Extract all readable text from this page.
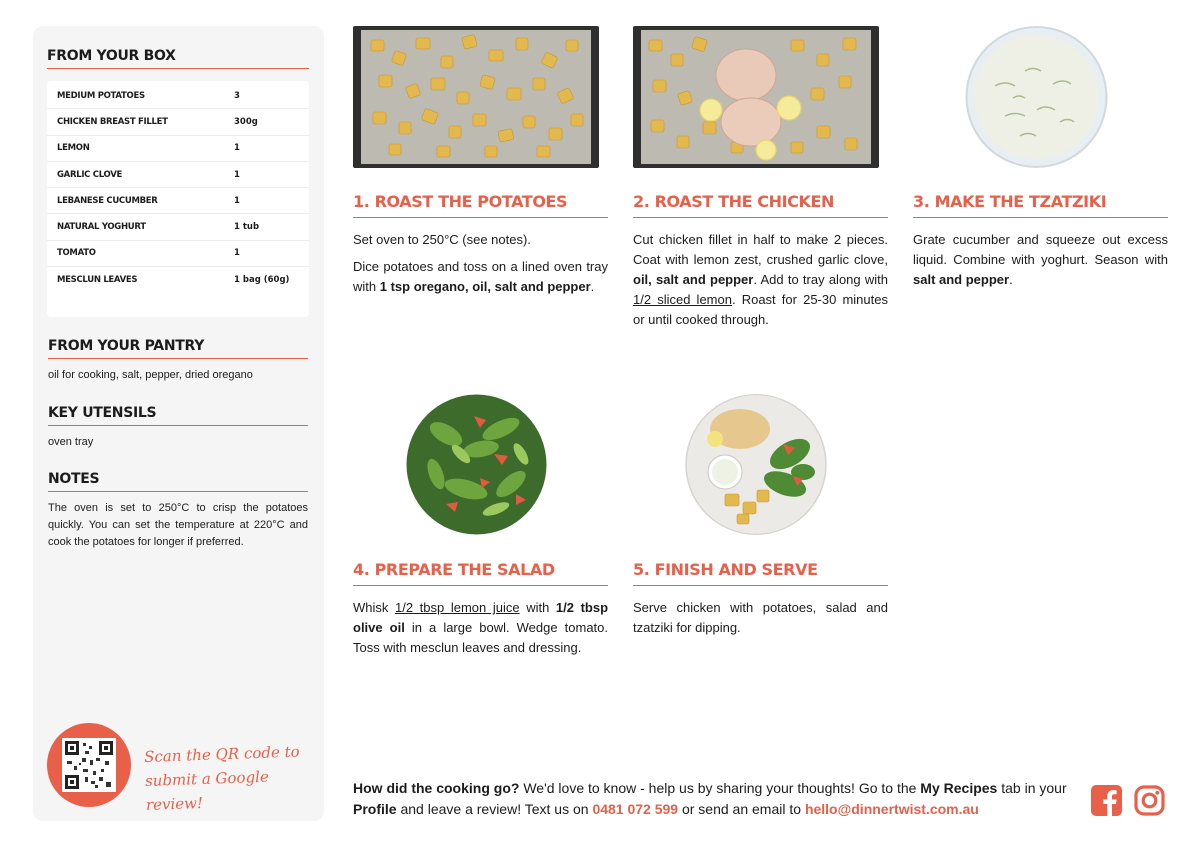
FROM YOUR BOX
MEDIUM POTATOES	3
CHICKEN BREAST FILLET	300g
LEMON	1
GARLIC CLOVE	1
LEBANESE CUCUMBER	1
NATURAL YOGHURT	1 tub
TOMATO	1
MESCLUN LEAVES	1 bag (60g)
FROM YOUR PANTRY
oil for cooking, salt, pepper, dried oregano
KEY UTENSILS
oven tray
NOTES
The oven is set to 250°C to crisp the potatoes quickly. You can set the temperature at 220°C and cook the potatoes for longer if preferred.
Scan the QR code to
submit a Google review!
1. ROAST THE POTATOES

Set oven to 250°C (see notes).

Dice potatoes and toss on a lined oven tray with 1 tsp oregano, oil, salt and pepper.

2. ROAST THE CHICKEN

Cut chicken fillet in half to make 2 pieces. Coat with lemon zest, crushed garlic clove, oil, salt and pepper. Add to tray along with 1/2 sliced lemon. Roast for 25-30 minutes or until cooked through.

3. MAKE THE TZATZIKI

Grate cucumber and squeeze out excess liquid. Combine with yoghurt. Season with salt and pepper.

4. PREPARE THE SALAD

Whisk 1/2 tbsp lemon juice with 1/2 tbsp olive oil in a large bowl. Wedge tomato. Toss with mesclun leaves and dressing.

5. FINISH AND SERVE

Serve chicken with potatoes, salad and tzatziki for dipping.

How did the cooking go? We'd love to know - help us by sharing your thoughts! Go to the My Recipes tab in your Profile and leave a review! Text us on 0481 072 599 or send an email to hello@dinnertwist.com.au
